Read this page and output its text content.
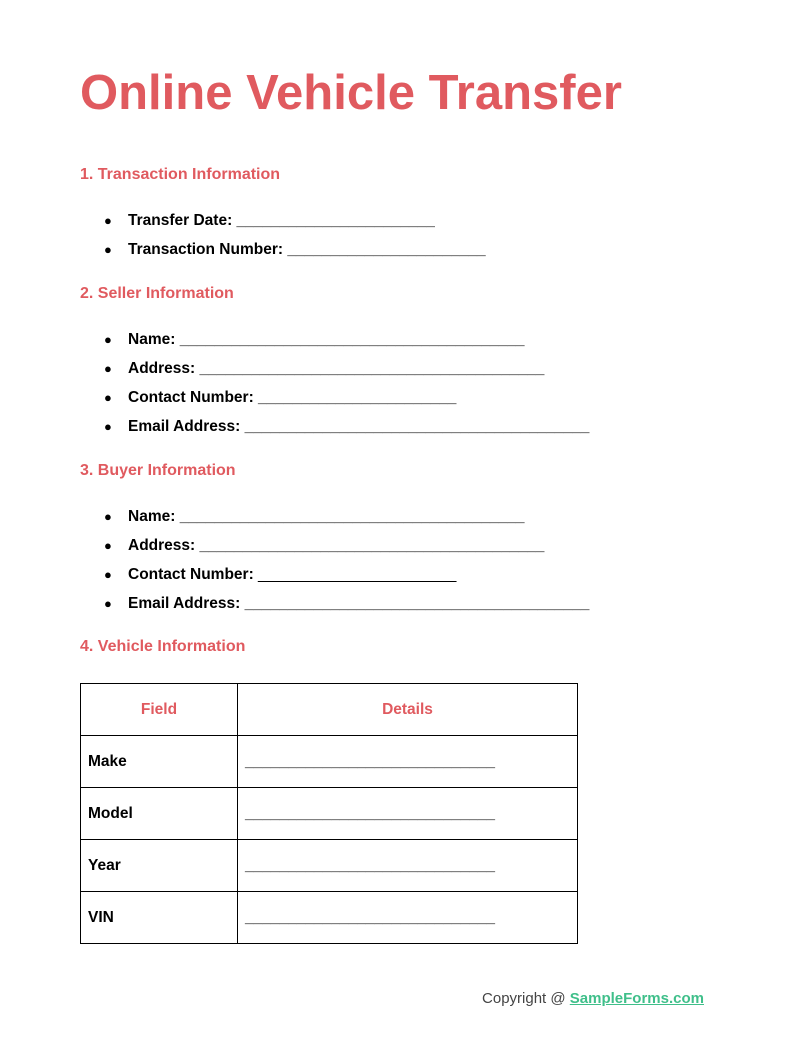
Online Vehicle Transfer
1. Transaction Information
● Transfer Date: _______________________
● Transaction Number: _______________________
2. Seller Information
● Name: ________________________________________
● Address: ________________________________________
● Contact Number: _______________________
● Email Address: ________________________________________
3. Buyer Information
● Name: ________________________________________
● Address: ________________________________________
● Contact Number: _______________________
● Email Address: ________________________________________
4. Vehicle Information
Field	Details
Make	_____________________________
Model	_____________________________
Year	_____________________________
VIN	_____________________________
Copyright @ SampleForms.com
